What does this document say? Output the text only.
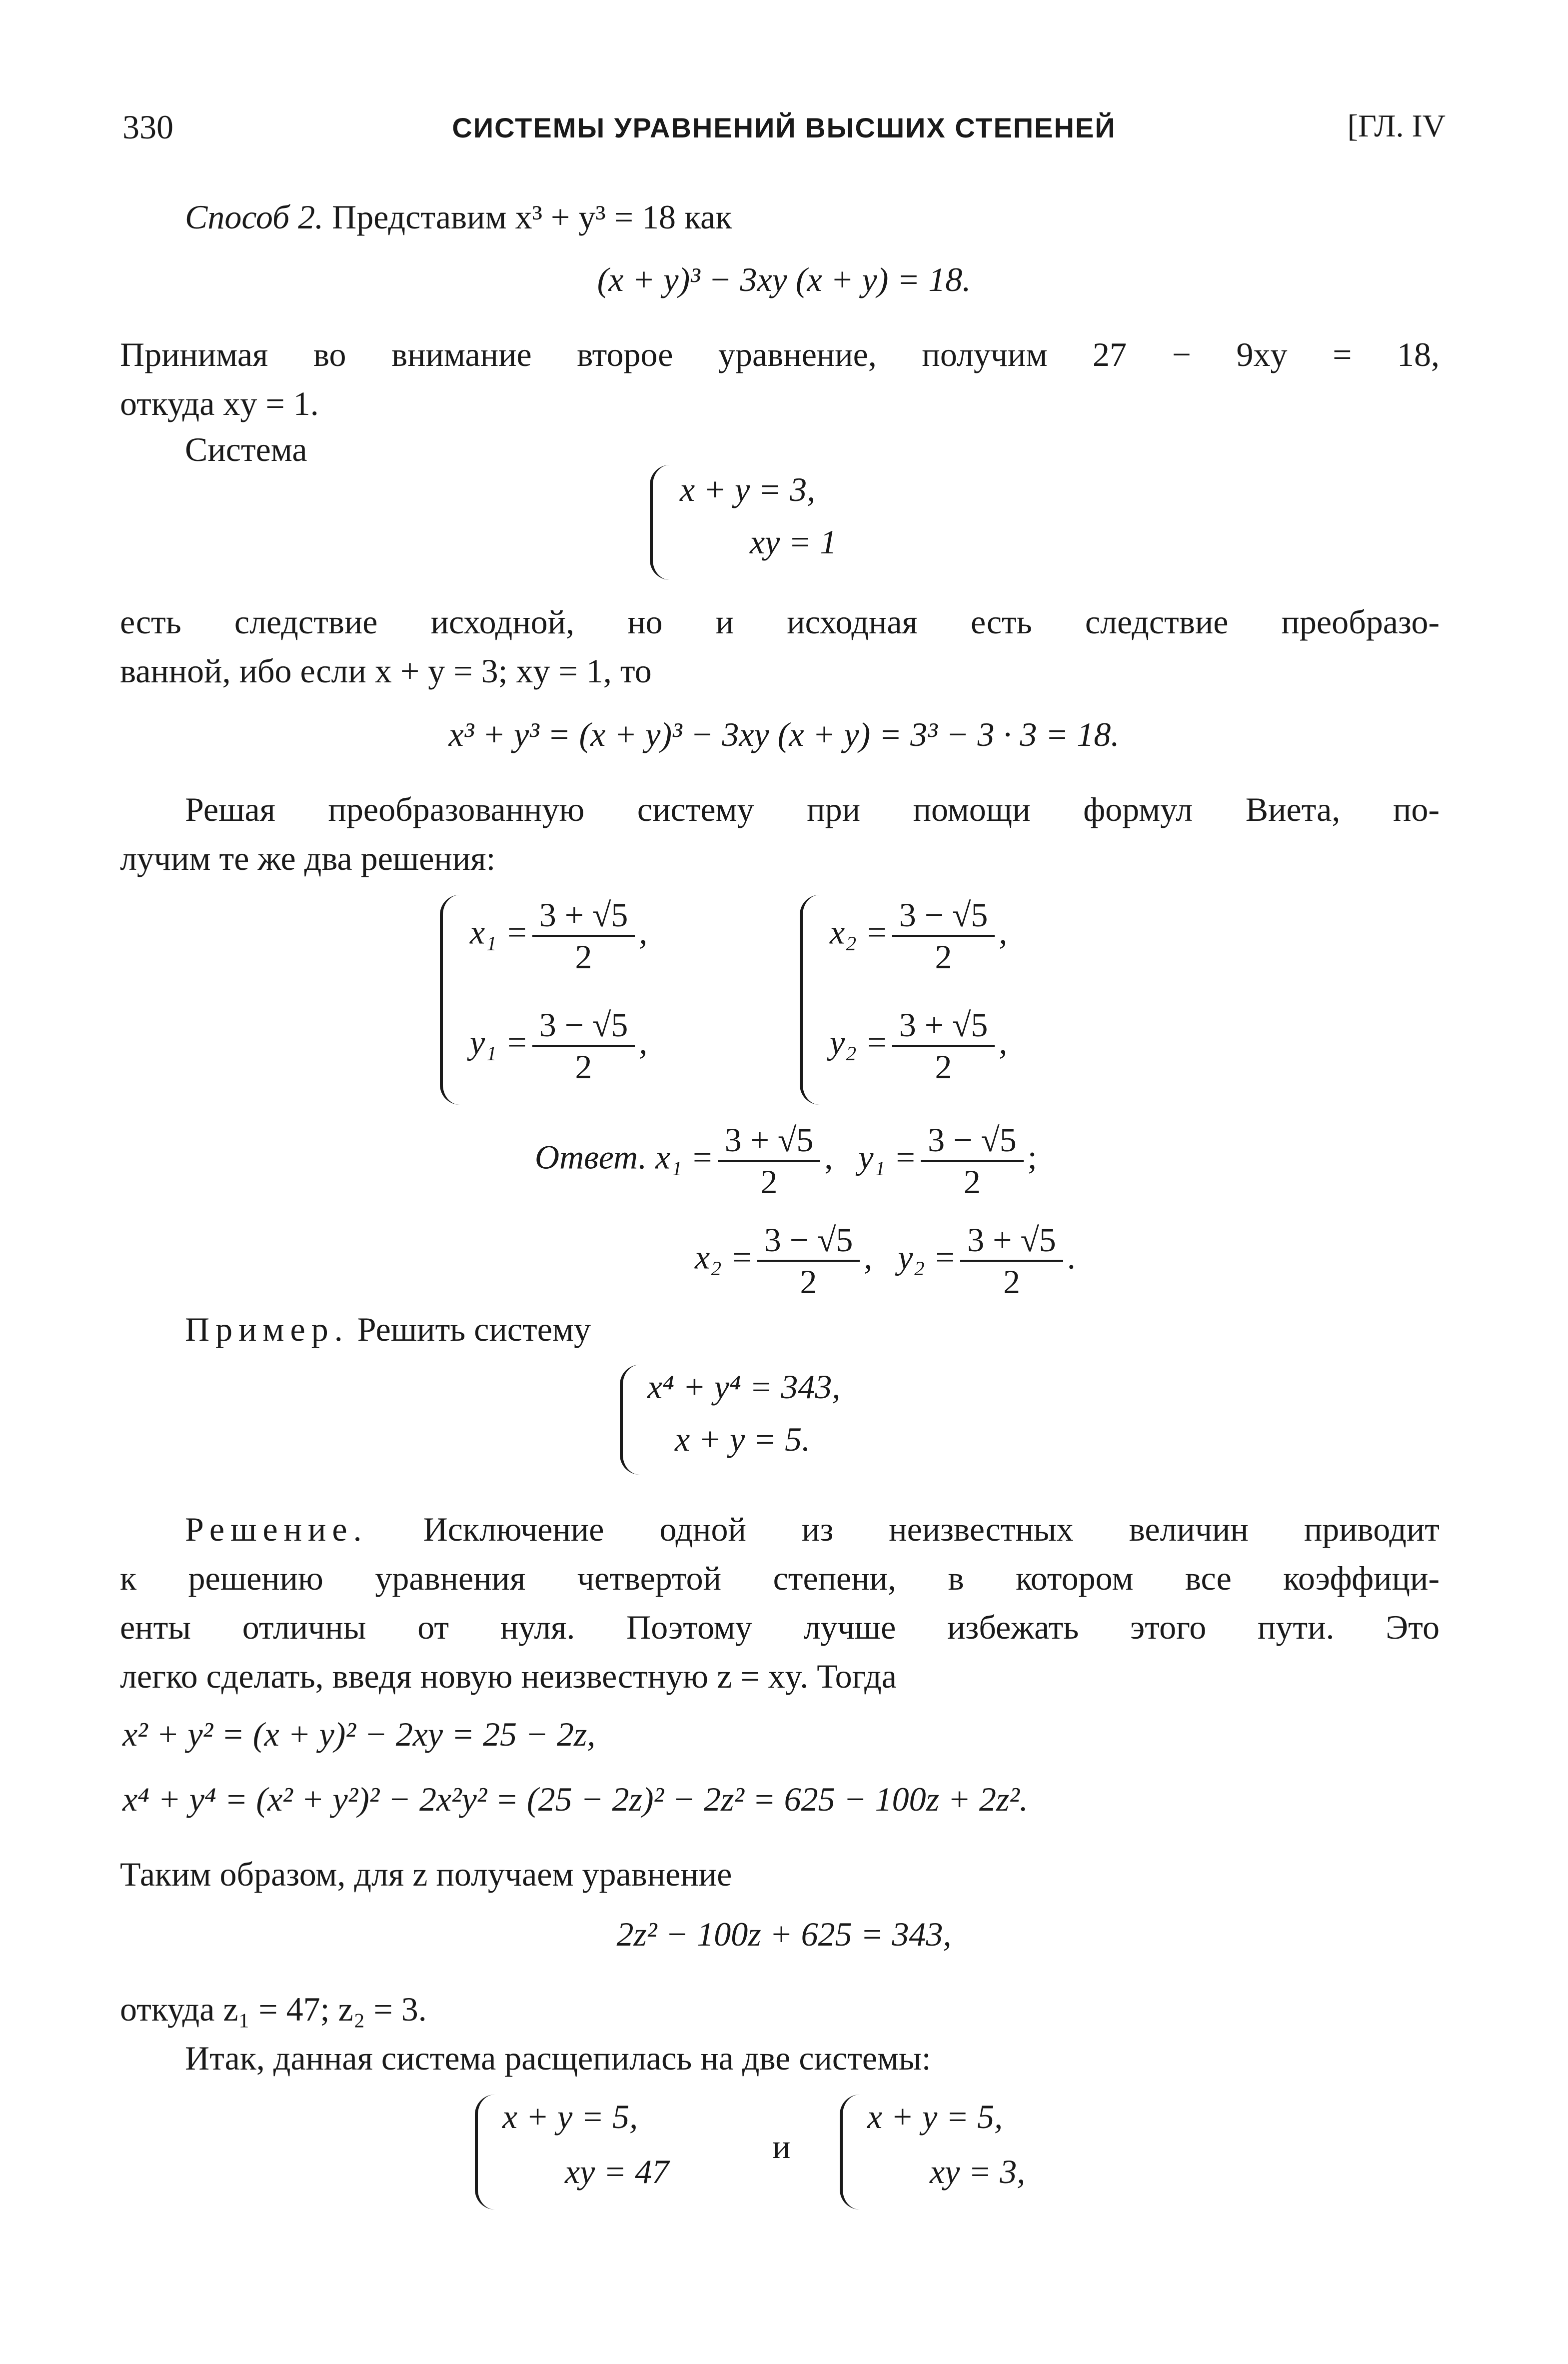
330	СИСТЕМЫ УРАВНЕНИЙ ВЫСШИХ СТЕПЕНЕЙ	[ГЛ. IV
Способ 2. Представим x³ + y³ = 18 как
(x + y)³ − 3xy (x + y) = 18.
Принимая во внимание второе уравнение, получим 27 − 9xy = 18,
откуда xy = 1.
Система
x + y = 3,
xy = 1
есть следствие исходной, но и исходная есть следствие преобразо-
ванной, ибо если x + y = 3; xy = 1, то
x³ + y³ = (x + y)³ − 3xy (x + y) = 3³ − 3 · 3 = 18.
Решая преобразованную систему при помощи формул Виета, по-
лучим те же два решения:
$x_1 = \frac{3 + √5}{2}$ ,
$y_1 = \frac{3 - √5}{2}$ ,
$x_2 = \frac{3 - √5}{2}$ ,
$y_2 = \frac{3 + √5}{2}$ ,
Ответ. $x_1 = \frac{3 + √5}{2}$ , $y_1 = \frac{3 - √5}{2}$ ;
$x_2 = \frac{3 - √5}{2}$ , $y_2 = \frac{3 + √5}{2}$ .
Пример. Решить систему
x⁴ + y⁴ = 343,
x + y = 5.
Решение. Исключение одной из неизвестных величин приводит
к решению уравнения четвертой степени, в котором все коэффици-
енты отличны от нуля. Поэтому лучше избежать этого пути. Это
легко сделать, введя новую неизвестную z = xy. Тогда
x² + y² = (x + y)² − 2xy = 25 − 2z,
x⁴ + y⁴ = (x² + y²)² − 2x²y² = (25 − 2z)² − 2z² = 625 − 100z + 2z².
Таким образом, для z получаем уравнение
2z² − 100z + 625 = 343,
откуда z₁ = 47; z₂ = 3.
Итак, данная система расщепилась на две системы:
x + y = 5,
xy = 47
и
x + y = 5,
xy = 3,
